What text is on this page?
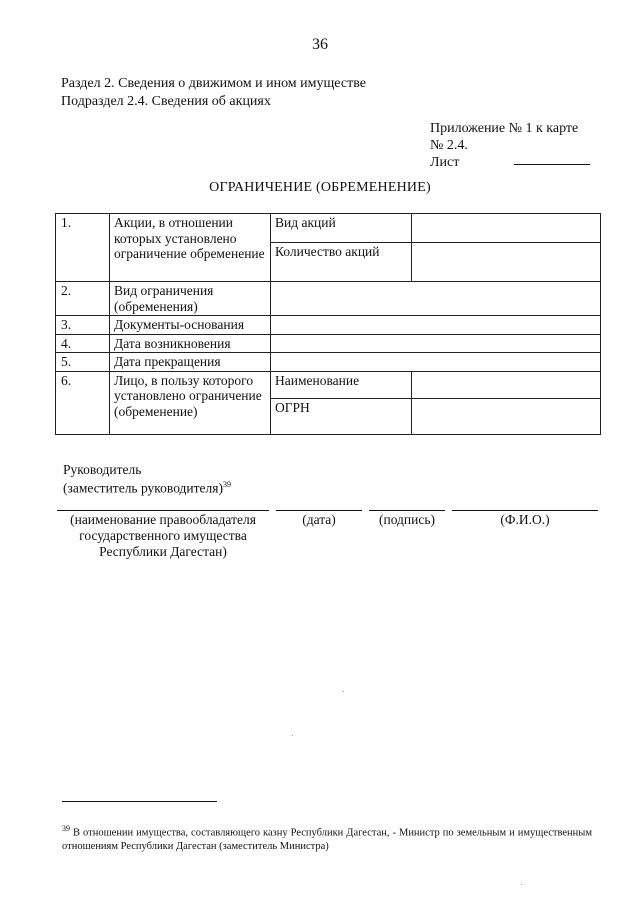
36
Раздел 2. Сведения о движимом и ином имуществе
Подраздел 2.4. Сведения об акциях
Приложение № 1 к карте
№ 2.4.
Лист
ОГРАНИЧЕНИЕ (ОБРЕМЕНЕНИЕ)
1.	Акции, в отношении которых установлено ограничение обременение	Вид акций	
		Количество акций	
2.	Вид ограничения (обременения)		
3.	Документы-основания		
4.	Дата возникновения		
5.	Дата прекращения		
6.	Лицо, в пользу которого установлено ограничение (обременение)	Наименование	
		ОГРН	
Руководитель
(заместитель руководителя)$^{39}$
(наименование правообладателя государственного имущества Республики Дагестан)
(дата)	(подпись)	(Ф.И.О.)
$^{39}$ В отношении имущества, составляющего казну Республики Дагестан, - Министр по земельным и имущественным отношениям Республики Дагестан (заместитель Министра)
